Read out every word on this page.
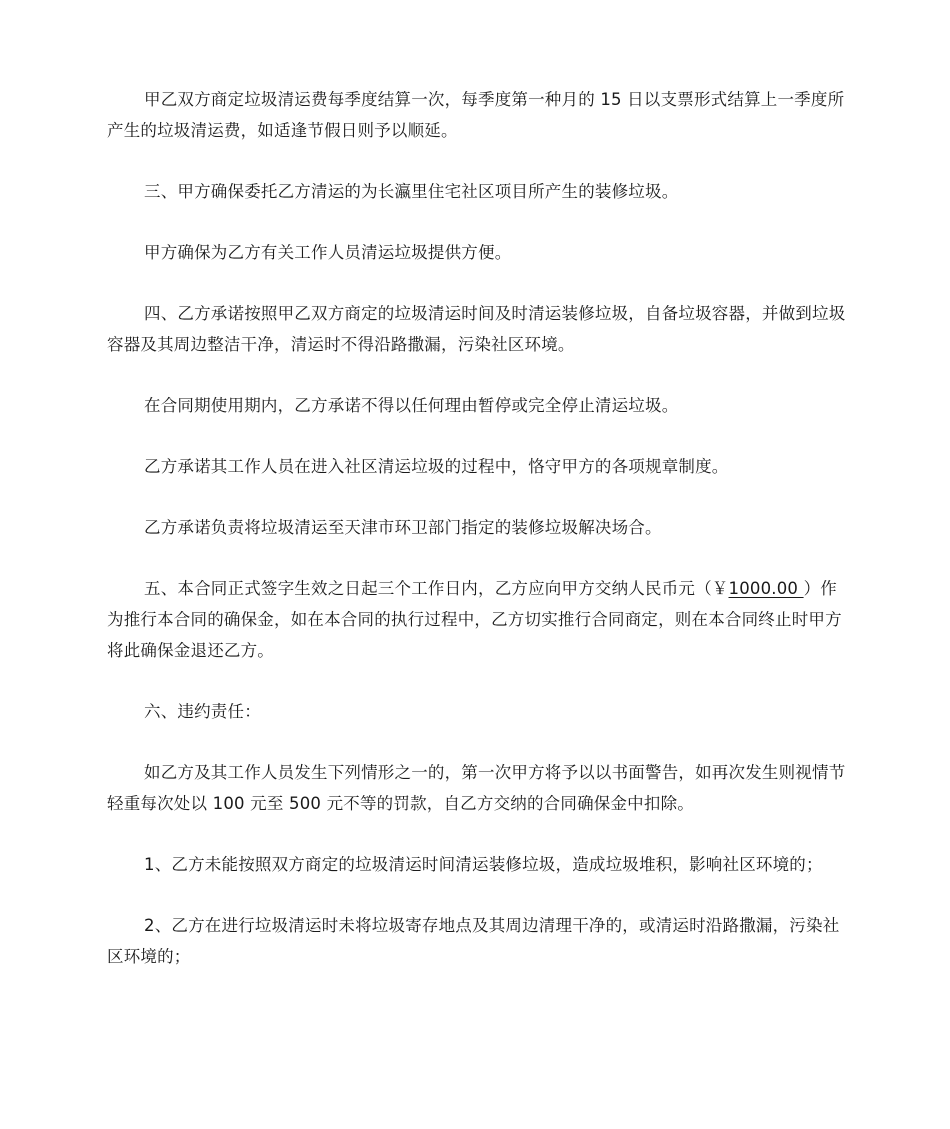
甲乙双方商定垃圾清运费每季度结算一次，每季度第一种月的 15 日以支票形式结算上一季度所产生的垃圾清运费，如适逢节假日则予以顺延。

三、甲方确保委托乙方清运的为长瀛里住宅社区项目所产生的装修垃圾。

甲方确保为乙方有关工作人员清运垃圾提供方便。

四、乙方承诺按照甲乙双方商定的垃圾清运时间及时清运装修垃圾，自备垃圾容器，并做到垃圾容器及其周边整洁干净，清运时不得沿路撒漏，污染社区环境。

在合同期使用期内，乙方承诺不得以任何理由暂停或完全停止清运垃圾。

乙方承诺其工作人员在进入社区清运垃圾的过程中，恪守甲方的各项规章制度。

乙方承诺负责将垃圾清运至天津市环卫部门指定的装修垃圾解决场合。

五、本合同正式签字生效之日起三个工作日内，乙方应向甲方交纳人民币元（￥1000.00 ）作为推行本合同的确保金，如在本合同的执行过程中，乙方切实推行合同商定，则在本合同终止时甲方将此确保金退还乙方。

六、违约责任：

如乙方及其工作人员发生下列情形之一的，第一次甲方将予以以书面警告，如再次发生则视情节轻重每次处以 100 元至 500 元不等的罚款，自乙方交纳的合同确保金中扣除。

1、乙方未能按照双方商定的垃圾清运时间清运装修垃圾，造成垃圾堆积，影响社区环境的；

2、乙方在进行垃圾清运时未将垃圾寄存地点及其周边清理干净的，或清运时沿路撒漏，污染社区环境的；
